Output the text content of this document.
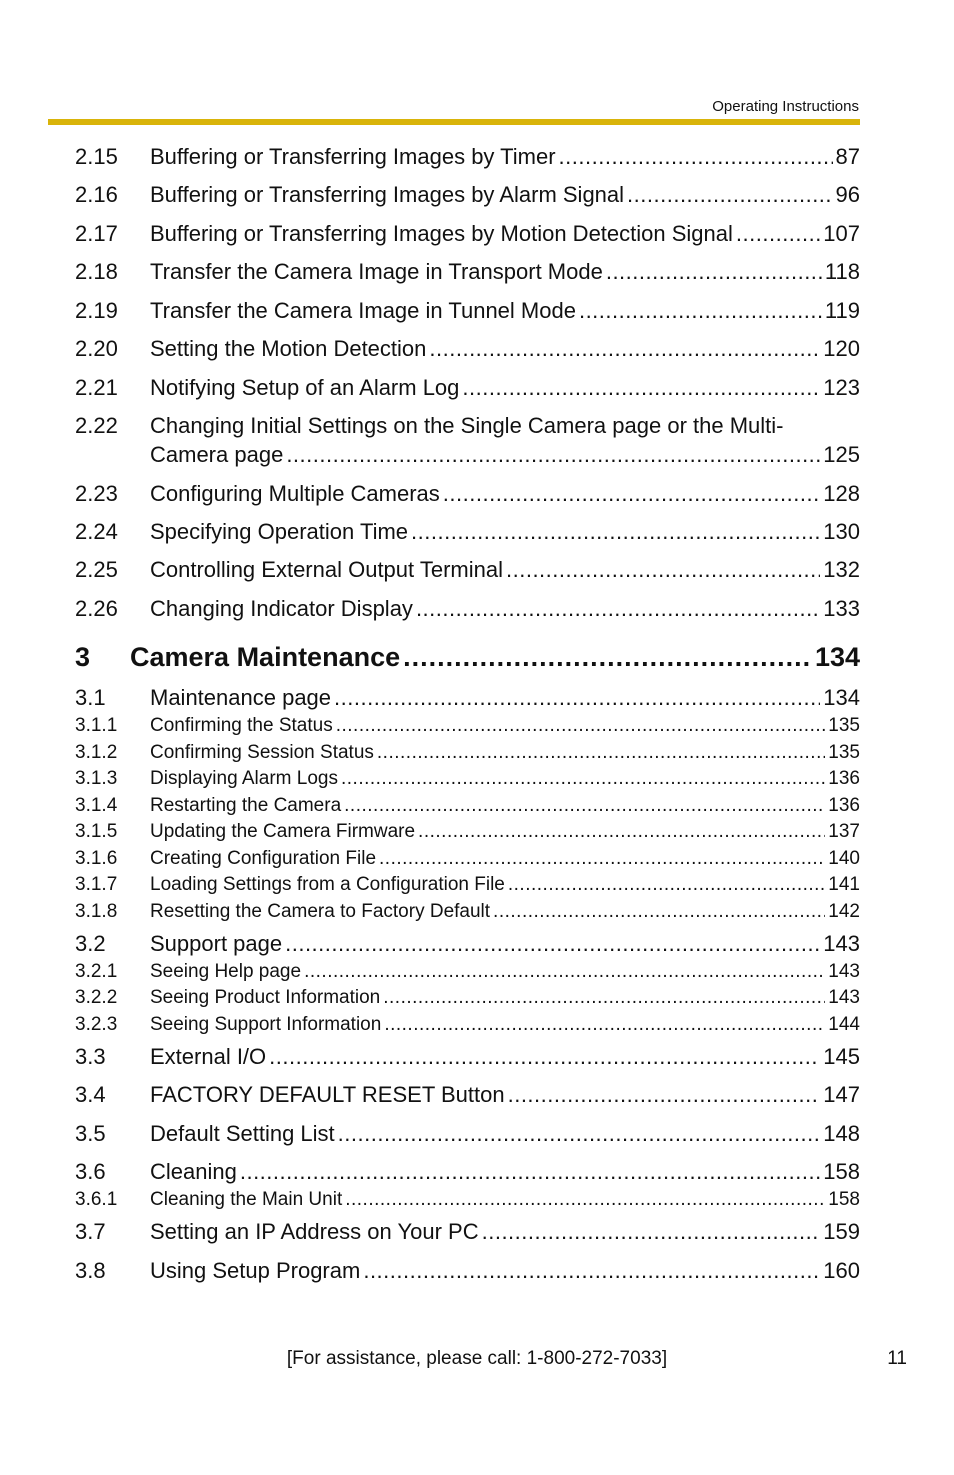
Operating Instructions
2.15	Buffering or Transferring Images by Timer .....	87
2.16	Buffering or Transferring Images by Alarm Signal .....	96
2.17	Buffering or Transferring Images by Motion Detection Signal .....	107
2.18	Transfer the Camera Image in Transport Mode .....	118
2.19	Transfer the Camera Image in Tunnel Mode .....	119
2.20	Setting the Motion Detection .....	120
2.21	Notifying Setup of an Alarm Log .....	123
2.22	Changing Initial Settings on the Single Camera page or the Multi-
Camera page .....	125
2.23	Configuring Multiple Cameras .....	128
2.24	Specifying Operation Time .....	130
2.25	Controlling External Output Terminal .....	132
2.26	Changing Indicator Display .....	133
3	Camera Maintenance .....	134
3.1	Maintenance page .....	134
3.1.1	Confirming the Status .....	135
3.1.2	Confirming Session Status .....	135
3.1.3	Displaying Alarm Logs .....	136
3.1.4	Restarting the Camera .....	136
3.1.5	Updating the Camera Firmware .....	137
3.1.6	Creating Configuration File .....	140
3.1.7	Loading Settings from a Configuration File .....	141
3.1.8	Resetting the Camera to Factory Default .....	142
3.2	Support page .....	143
3.2.1	Seeing Help page .....	143
3.2.2	Seeing Product Information .....	143
3.2.3	Seeing Support Information .....	144
3.3	External I/O .....	145
3.4	FACTORY DEFAULT RESET Button .....	147
3.5	Default Setting List .....	148
3.6	Cleaning .....	158
3.6.1	Cleaning the Main Unit .....	158
3.7	Setting an IP Address on Your PC .....	159
3.8	Using Setup Program .....	160
[For assistance, please call: 1-800-272-7033]	11
